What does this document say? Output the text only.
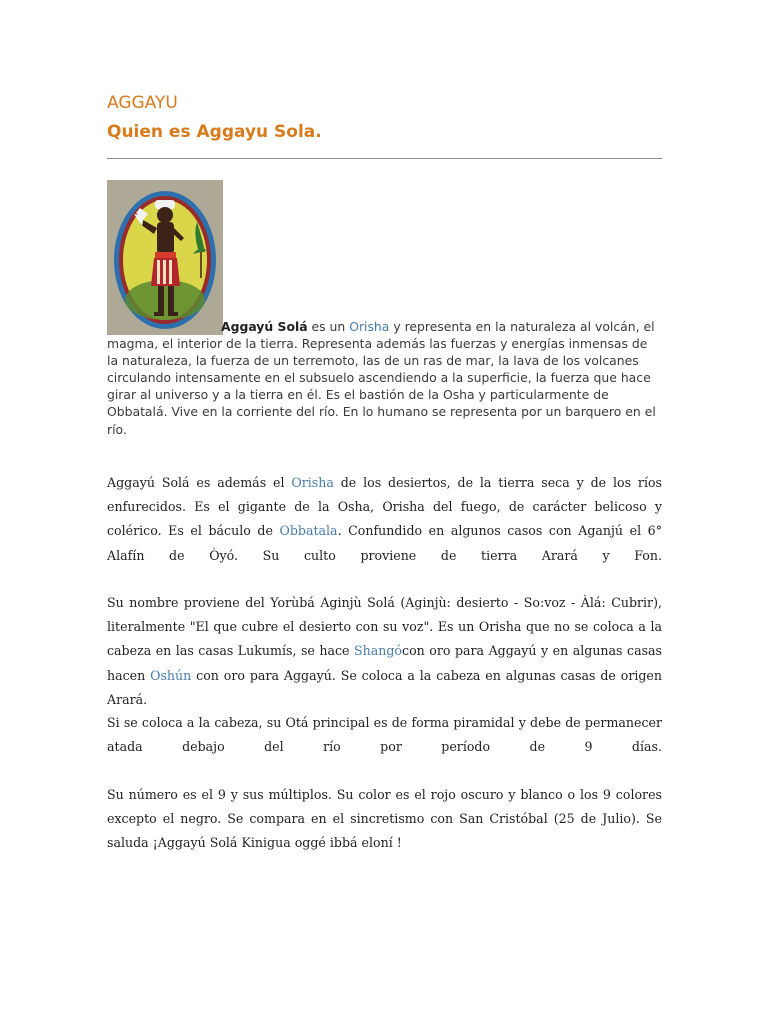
AGGAYU
Quien es Aggayu Sola.
Aggayú Solá es un Orisha y representa en la naturaleza al volcán, el magma, el interior de la tierra. Representa además las fuerzas y energías inmensas de la naturaleza, la fuerza de un terremoto, las de un ras de mar, la lava de los volcanes circulando intensamente en el subsuelo ascendiendo a la superficie, la fuerza que hace girar al universo y a la tierra en él. Es el bastión de la Osha y particularmente de Obbatalá. Vive en la corriente del río. En lo humano se representa por un barquero en el río.
Aggayú Solá es además el Orisha de los desiertos, de la tierra seca y de los ríos enfurecidos. Es el gigante de la Osha, Orisha del fuego, de carácter belicoso y colérico. Es el báculo de Obbatala. Confundido en algunos casos con Aganjú el 6° Alafín de Òyó. Su culto proviene de tierra Arará y Fon.
Su nombre proviene del Yorùbá Aginjù Solá (Aginjù: desierto - So:voz - Àlá: Cubrir), literalmente "El que cubre el desierto con su voz". Es un Orisha que no se coloca a la cabeza en las casas Lukumís, se hace Shangócon oro para Aggayú y en algunas casas hacen Oshún con oro para Aggayú. Se coloca a la cabeza en algunas casas de origen Arará.
Si se coloca a la cabeza, su Otá principal es de forma piramidal y debe de permanecer atada debajo del río por período de 9 días.
Su número es el 9 y sus múltiplos. Su color es el rojo oscuro y blanco o los 9 colores excepto el negro. Se compara en el sincretismo con San Cristóbal (25 de Julio). Se saluda ¡Aggayú Solá Kinigua oggé ibbá eloní !
